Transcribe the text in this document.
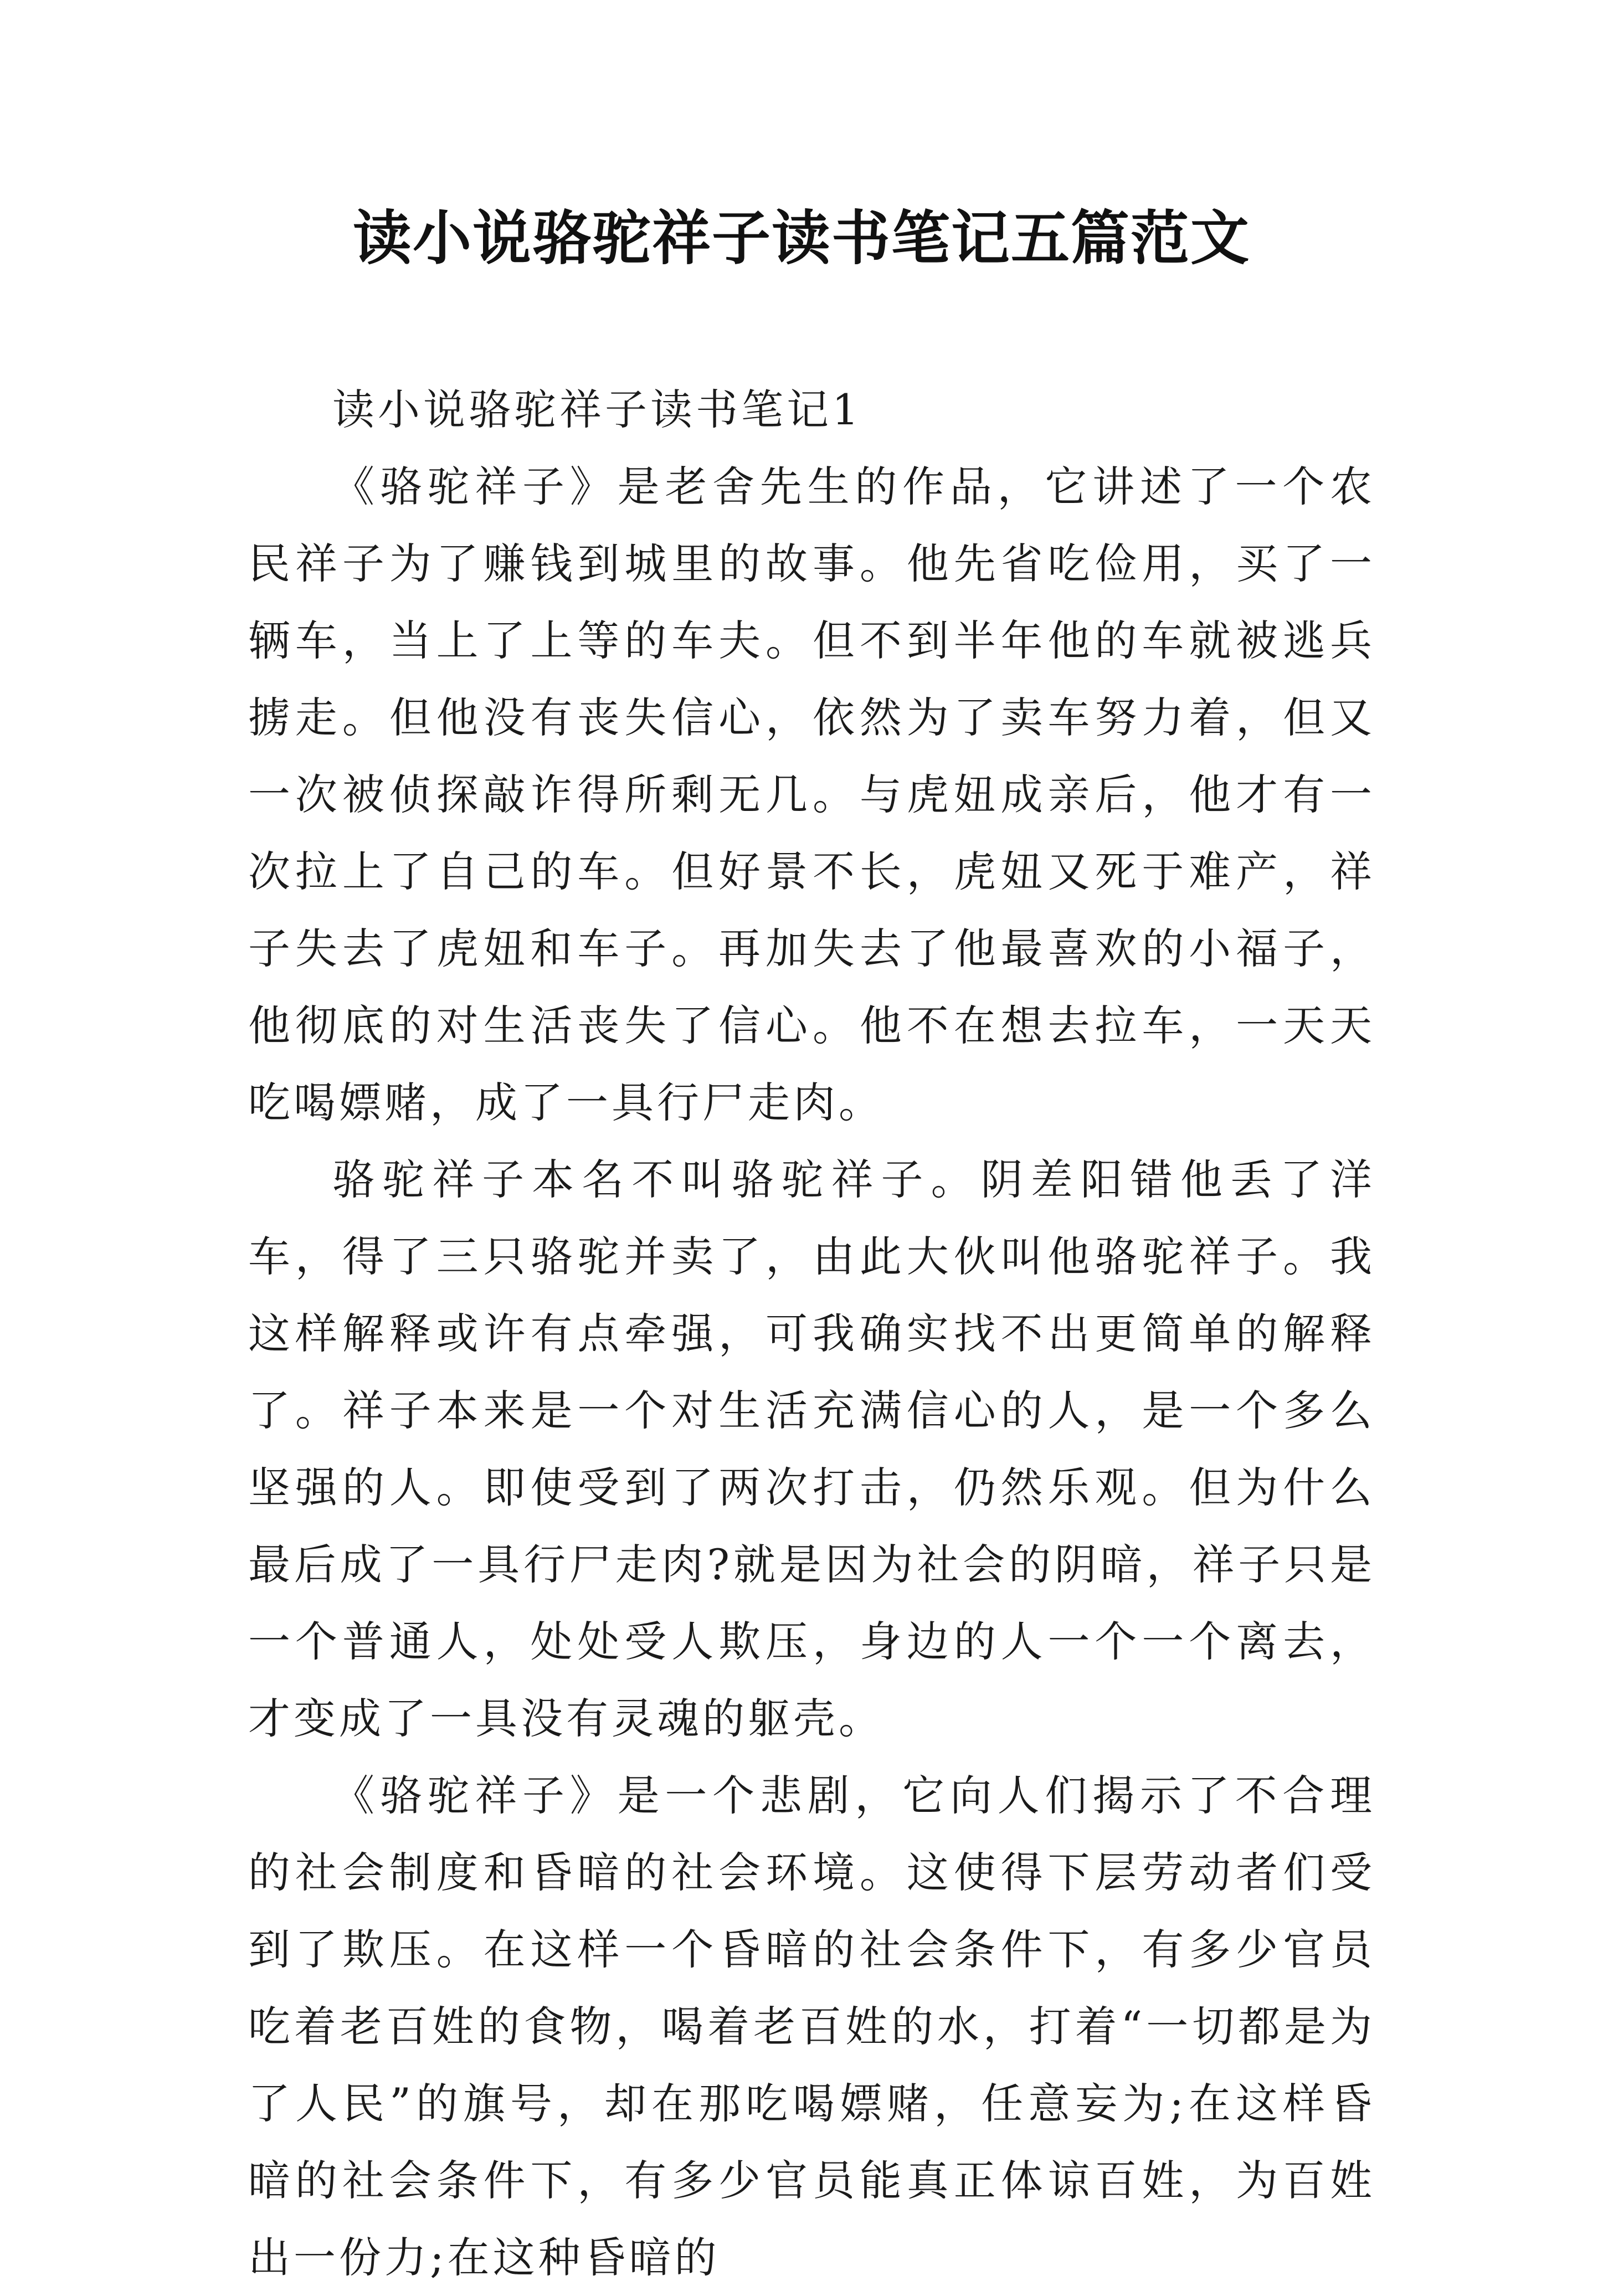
读小说骆驼祥子读书笔记五篇范文

读小说骆驼祥子读书笔记1

《骆驼祥子》是老舍先生的作品，它讲述了一个农民祥子为了赚钱到城里的故事。他先省吃俭用，买了一辆车，当上了上等的车夫。但不到半年他的车就被逃兵掳走。但他没有丧失信心，依然为了卖车努力着，但又一次被侦探敲诈得所剩无几。与虎妞成亲后，他才有一次拉上了自己的车。但好景不长，虎妞又死于难产，祥子失去了虎妞和车子。再加失去了他最喜欢的小福子，他彻底的对生活丧失了信心。他不在想去拉车，一天天吃喝嫖赌，成了一具行尸走肉。

骆驼祥子本名不叫骆驼祥子。阴差阳错他丢了洋车，得了三只骆驼并卖了，由此大伙叫他骆驼祥子。我这样解释或许有点牵强，可我确实找不出更简单的解释了。祥子本来是一个对生活充满信心的人，是一个多么坚强的人。即使受到了两次打击，仍然乐观。但为什么最后成了一具行尸走肉?就是因为社会的阴暗，祥子只是一个普通人，处处受人欺压，身边的人一个一个离去，才变成了一具没有灵魂的躯壳。

《骆驼祥子》是一个悲剧，它向人们揭示了不合理的社会制度和昏暗的社会环境。这使得下层劳动者们受到了欺压。在这样一个昏暗的社会条件下，有多少官员吃着老百姓的食物，喝着老百姓的水，打着“一切都是为了人民”的旗号，却在那吃喝嫖赌，任意妄为;在这样昏暗的社会条件下，有多少官员能真正体谅百姓，为百姓出一份力;在这种昏暗的
